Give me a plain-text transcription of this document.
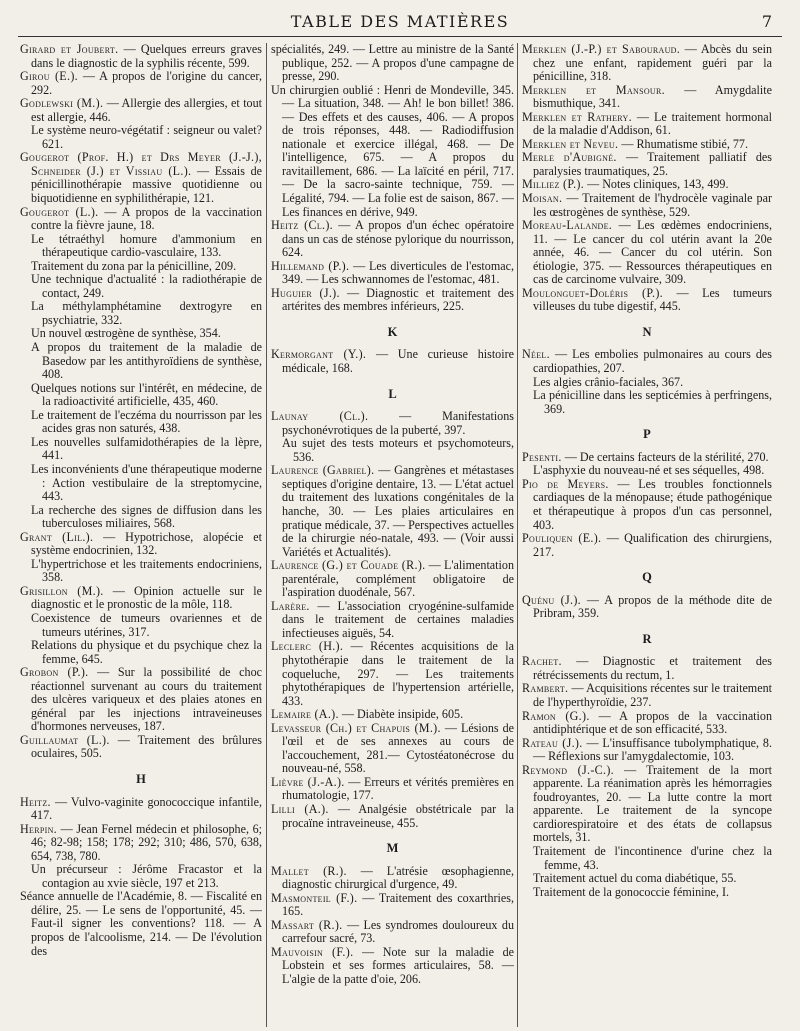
TABLE DES MATIÈRES	7
Girard et Joubert. — Quelques erreurs graves dans le diagnostic de la syphilis récente, 599.
Girou (E.). — A propos de l'origine du cancer, 292.
Godlewski (M.). — Allergie des allergies, et tout est allergie, 446.
Le système neuro-végétatif : seigneur ou valet? 621.
Gougerot (Prof. H.) et Drs Meyer (J.-J.), Schneider (J.) et Vissiau (L.). — Essais de pénicillinothérapie massive quotidienne ou biquotidienne en syphilithérapie, 121.
Gougerot (L.). — A propos de la vaccination contre la fièvre jaune, 18.
Le tétraéthyl homure d'ammonium en thérapeutique cardio-vasculaire, 133.
Traitement du zona par la pénicilline, 209.
Une technique d'actualité : la radiothérapie de contact, 249.
La méthylamphétamine dextrogyre en psychiatrie, 332.
Un nouvel œstrogène de synthèse, 354.
A propos du traitement de la maladie de Basedow par les antithyroïdiens de synthèse, 408.
Quelques notions sur l'intérêt, en médecine, de la radioactivité artificielle, 435, 460.
Le traitement de l'eczéma du nourrisson par les acides gras non saturés, 438.
Les nouvelles sulfamidothérapies de la lèpre, 441.
Les inconvénients d'une thérapeutique moderne : Action vestibulaire de la streptomycine, 443.
La recherche des signes de diffusion dans les tuberculoses miliaires, 568.
Grant (Lil.). — Hypotrichose, alopécie et système endocrinien, 132.
L'hypertrichose et les traitements endocriniens, 358.
Grisillon (M.). — Opinion actuelle sur le diagnostic et le pronostic de la môle, 118.
Coexistence de tumeurs ovariennes et de tumeurs utérines, 317.
Relations du physique et du psychique chez la femme, 645.
Grobon (P.). — Sur la possibilité de choc réactionnel survenant au cours du traitement des ulcères variqueux et des plaies atones en général par les injections intraveineuses d'hormones nerveuses, 187.
Guillaumat (L.). — Traitement des brûlures oculaires, 505.
H
Heitz. — Vulvo-vaginite gonococcique infantile, 417.
Herpin. — Jean Fernel médecin et philosophe, 6; 46; 82-98; 158; 178; 292; 310; 486, 570, 638, 654, 738, 780.
Un précurseur : Jérôme Fracastor et la contagion au xvie siècle, 197 et 213.
Séance annuelle de l'Académie, 8. — Fiscalité en délire, 25. — Le sens de l'opportunité, 45. — Faut-il signer les conventions? 118. — A propos de l'alcoolisme, 214. — De l'évolution des
spécialités, 249. — Lettre au ministre de la Santé publique, 252. — A propos d'une campagne de presse, 290.
Un chirurgien oublié : Henri de Mondeville, 345. — La situation, 348. — Ah! le bon billet! 386. — Des effets et des causes, 406. — A propos de trois réponses, 448. — Radiodiffusion nationale et exercice illégal, 468. — De l'intelligence, 675. — A propos du ravitaillement, 686. — La laïcité en péril, 717. — De la sacro-sainte technique, 759. — Légalité, 794. — La folie est de saison, 867. — Les finances en dérive, 949.
Heitz (Cl.). — A propos d'un échec opératoire dans un cas de sténose pylorique du nourrisson, 624.
Hillemand (P.). — Les diverticules de l'estomac, 349. — Les schwannomes de l'estomac, 481.
Huguier (J.). — Diagnostic et traitement des artérites des membres inférieurs, 225.
K
Kermorgant (Y.). — Une curieuse histoire médicale, 168.
L
Launay (Cl.). — Manifestations psychonévrotiques de la puberté, 397.
Au sujet des tests moteurs et psychomoteurs, 536.
Laurence (Gabriel). — Gangrènes et métastases septiques d'origine dentaire, 13. — L'état actuel du traitement des luxations congénitales de la hanche, 30. — Les plaies articulaires en pratique médicale, 37. — Perspectives actuelles de la chirurgie néo-natale, 493. — (Voir aussi Variétés et Actualités).
Laurence (G.) et Couade (R.). — L'alimentation parentérale, complément obligatoire de l'aspiration duodénale, 567.
Larère. — L'association cryogénine-sulfamide dans le traitement de certaines maladies infectieuses aiguës, 54.
Leclerc (H.). — Récentes acquisitions de la phytothérapie dans le traitement de la coqueluche, 297. — Les traitements phytothérapiques de l'hypertension artérielle, 433.
Lemaire (A.). — Diabète insipide, 605.
Levasseur (Ch.) et Chapuis (M.). — Lésions de l'œil et de ses annexes au cours de l'accouchement, 281.— Cytostéatonécrose du nouveau-né, 558.
Lièvre (J.-A.). — Erreurs et vérités premières en rhumatologie, 177.
Lilli (A.). — Analgésie obstétricale par la procaïne intraveineuse, 455.
M
Mallet (R.). — L'atrésie œsophagienne, diagnostic chirurgical d'urgence, 49.
Masmonteil (F.). — Traitement des coxarthries, 165.
Massart (R.). — Les syndromes douloureux du carrefour sacré, 73.
Mauvoisin (F.). — Note sur la maladie de Lobstein et ses formes articulaires, 58. — L'algie de la patte d'oie, 206.
Merklen (J.-P.) et Sabouraud. — Abcès du sein chez une enfant, rapidement guéri par la pénicilline, 318.
Merklen et Mansour. — Amygdalite bismuthique, 341.
Merklen et Rathery. — Le traitement hormonal de la maladie d'Addison, 61.
Merklen et Neveu. — Rhumatisme stibié, 77.
Merle d'Aubigné. — Traitement palliatif des paralysies traumatiques, 25.
Milliez (P.). — Notes cliniques, 143, 499.
Moisan. — Traitement de l'hydrocèle vaginale par les œstrogènes de synthèse, 529.
Moreau-Lalande. — Les œdèmes endocriniens, 11. — Le cancer du col utérin avant la 20e année, 46. — Cancer du col utérin. Son étiologie, 375. — Ressources thérapeutiques en cas de carcinome vulvaire, 309.
Moulonguet-Doléris (P.). — Les tumeurs villeuses du tube digestif, 445.
N
Néel. — Les embolies pulmonaires au cours des cardiopathies, 207.
Les algies crânio-faciales, 367.
La pénicilline dans les septicémies à perfringens, 369.
P
Pesenti. — De certains facteurs de la stérilité, 270.
L'asphyxie du nouveau-né et ses séquelles, 498.
Pio de Meyers. — Les troubles fonctionnels cardiaques de la ménopause; étude pathogénique et thérapeutique à propos d'un cas personnel, 403.
Pouliquen (E.). — Qualification des chirurgiens, 217.
Q
Quénu (J.). — A propos de la méthode dite de Pribram, 359.
R
Rachet. — Diagnostic et traitement des rétrécissements du rectum, 1.
Rambert. — Acquisitions récentes sur le traitement de l'hyperthyroïdie, 237.
Ramon (G.). — A propos de la vaccination antidiphtérique et de son efficacité, 533.
Rateau (J.). — L'insuffisance tubolymphatique, 8. — Réflexions sur l'amygdalectomie, 103.
Reymond (J.-C.). — Traitement de la mort apparente. La réanimation après les hémorragies foudroyantes, 20. — La lutte contre la mort apparente. Le traitement de la syncope cardiorespiratoire et des états de collapsus mortels, 31.
Traitement de l'incontinence d'urine chez la femme, 43.
Traitement actuel du coma diabétique, 55.
Traitement de la gonococcie féminine, I.
